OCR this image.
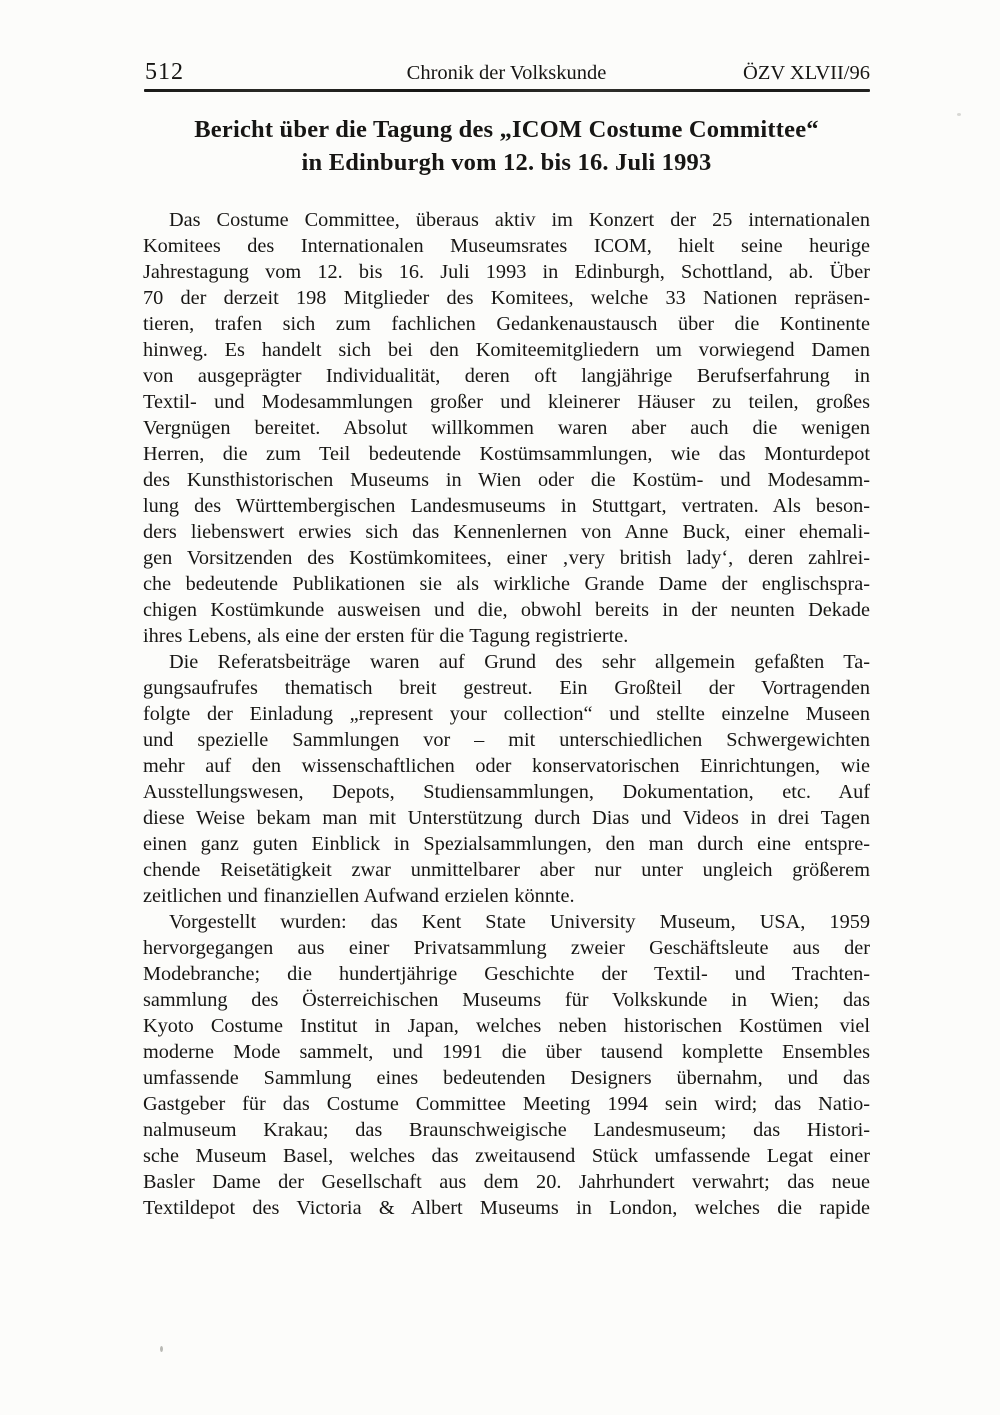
512	Chronik der Volkskunde	ÖZV XLVII/96
Bericht über die Tagung des „ICOM Costume Committee“
in Edinburgh vom 12. bis 16. Juli 1993
Das Costume Committee, überaus aktiv im Konzert der 25 internationalen
Komitees des Internationalen Museumsrates ICOM, hielt seine heurige
Jahrestagung vom 12. bis 16. Juli 1993 in Edinburgh, Schottland, ab. Über
70 der derzeit 198 Mitglieder des Komitees, welche 33 Nationen repräsen-
tieren, trafen sich zum fachlichen Gedankenaustausch über die Kontinente
hinweg. Es handelt sich bei den Komiteemitgliedern um vorwiegend Damen
von ausgeprägter Individualität, deren oft langjährige Berufserfahrung in
Textil- und Modesammlungen großer und kleinerer Häuser zu teilen, großes
Vergnügen bereitet. Absolut willkommen waren aber auch die wenigen
Herren, die zum Teil bedeutende Kostümsammlungen, wie das Monturdepot
des Kunsthistorischen Museums in Wien oder die Kostüm- und Modesamm-
lung des Württembergischen Landesmuseums in Stuttgart, vertraten. Als beson-
ders liebenswert erwies sich das Kennenlernen von Anne Buck, einer ehemali-
gen Vorsitzenden des Kostümkomitees, einer ‚very british lady‘, deren zahlrei-
che bedeutende Publikationen sie als wirkliche Grande Dame der englischspra-
chigen Kostümkunde ausweisen und die, obwohl bereits in der neunten Dekade
ihres Lebens, als eine der ersten für die Tagung registrierte.
Die Referatsbeiträge waren auf Grund des sehr allgemein gefaßten Ta-
gungsaufrufes thematisch breit gestreut. Ein Großteil der Vortragenden
folgte der Einladung „represent your collection“ und stellte einzelne Museen
und spezielle Sammlungen vor – mit unterschiedlichen Schwergewichten
mehr auf den wissenschaftlichen oder konservatorischen Einrichtungen, wie
Ausstellungswesen, Depots, Studiensammlungen, Dokumentation, etc. Auf
diese Weise bekam man mit Unterstützung durch Dias und Videos in drei Tagen
einen ganz guten Einblick in Spezialsammlungen, den man durch eine entspre-
chende Reisetätigkeit zwar unmittelbarer aber nur unter ungleich größerem
zeitlichen und finanziellen Aufwand erzielen könnte.
Vorgestellt wurden: das Kent State University Museum, USA, 1959
hervorgegangen aus einer Privatsammlung zweier Geschäftsleute aus der
Modebranche; die hundertjährige Geschichte der Textil- und Trachten-
sammlung des Österreichischen Museums für Volkskunde in Wien; das
Kyoto Costume Institut in Japan, welches neben historischen Kostümen viel
moderne Mode sammelt, und 1991 die über tausend komplette Ensembles
umfassende Sammlung eines bedeutenden Designers übernahm, und das
Gastgeber für das Costume Committee Meeting 1994 sein wird; das Natio-
nalmuseum Krakau; das Braunschweigische Landesmuseum; das Histori-
sche Museum Basel, welches das zweitausend Stück umfassende Legat einer
Basler Dame der Gesellschaft aus dem 20. Jahrhundert verwahrt; das neue
Textildepot des Victoria & Albert Museums in London, welches die rapide
